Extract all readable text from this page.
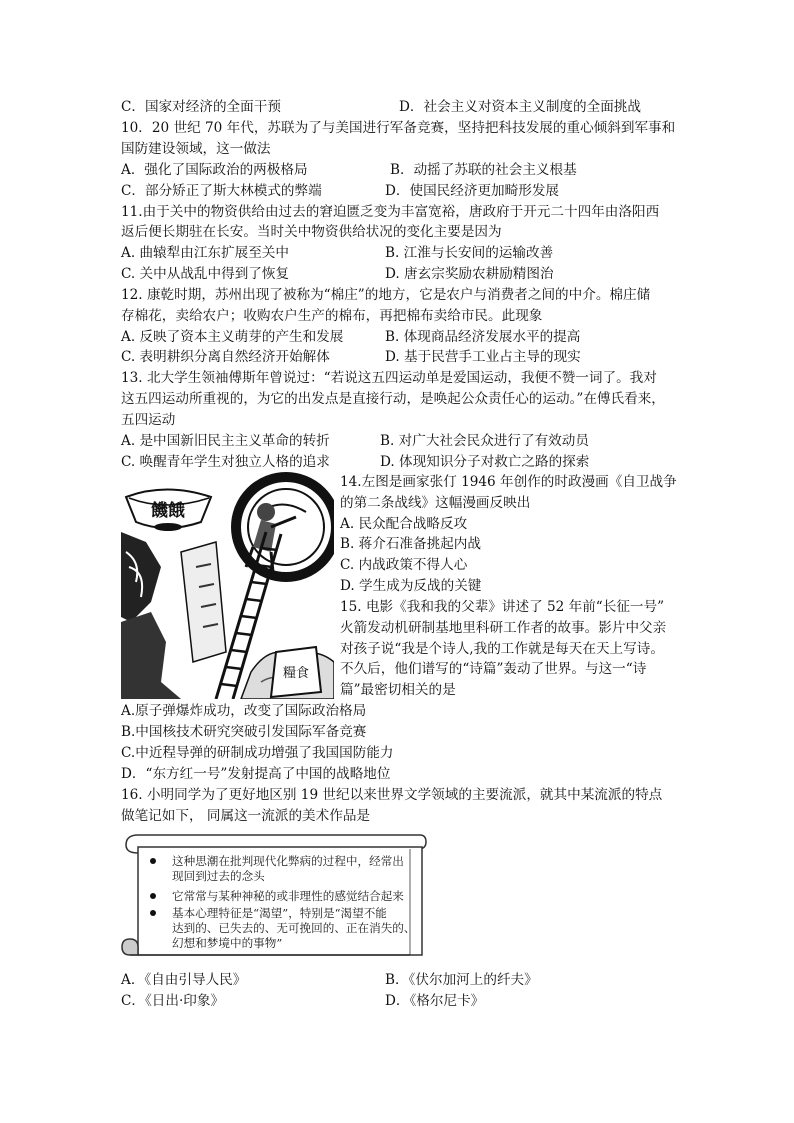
C．国家对经济的全面干预	D．社会主义对资本主义制度的全面挑战
10．20 世纪 70 年代，苏联为了与美国进行军备竞赛，坚持把科技发展的重心倾斜到军事和
国防建设领域，这一做法
A．强化了国际政治的两极格局	B．动摇了苏联的社会主义根基
C．部分矫正了斯大林模式的弊端	D．使国民经济更加畸形发展
11.由于关中的物资供给由过去的窘迫匮乏变为丰富宽裕，唐政府于开元二十四年由洛阳西
返后便长期驻在长安。当时关中物资供给状况的变化主要是因为
A. 曲辕犁由江东扩展至关中	B. 江淮与长安间的运输改善
C. 关中从战乱中得到了恢复	D. 唐玄宗奖励农耕励精图治
12. 康乾时期，苏州出现了被称为“棉庄”的地方，它是农户与消费者之间的中介。棉庄储
存棉花，卖给农户；收购农户生产的棉布，再把棉布卖给市民。此现象
A. 反映了资本主义萌芽的产生和发展	B. 体现商品经济发展水平的提高
C. 表明耕织分离自然经济开始解体	D. 基于民营手工业占主导的现实
13. 北大学生领袖傅斯年曾说过：“若说这五四运动单是爱国运动，我便不赞一词了。我对
这五四运动所重视的，为它的出发点是直接行动，是唤起公众责任心的运动。”在傅氏看来，
五四运动
A. 是中国新旧民主主义革命的转折	B. 对广大社会民众进行了有效动员
C. 唤醒青年学生对独立人格的追求	D. 体现知识分子对救亡之路的探索
饑餓
糧食
14.左图是画家张仃 1946 年创作的时政漫画《自卫战争
的第二条战线》这幅漫画反映出
A. 民众配合战略反攻
B. 蒋介石准备挑起内战
C. 内战政策不得人心
D. 学生成为反战的关键
15. 电影《我和我的父辈》讲述了 52 年前“长征一号”
火箭发动机研制基地里科研工作者的故事。影片中父亲
对孩子说“我是个诗人,我的工作就是每天在天上写诗。
不久后，他们谱写的“诗篇”轰动了世界。与这一“诗
篇”最密切相关的是
A.原子弹爆炸成功，改变了国际政治格局
B.中国核技术研究突破引发国际军备竞赛
C.中近程导弹的研制成功增强了我国国防能力
D．“东方红一号”发射提高了中国的战略地位
16. 小明同学为了更好地区别 19 世纪以来世界文学领域的主要流派，就其中某流派的特点
做笔记如下， 同属这一流派的美术作品是
这种思潮在批判现代化弊病的过程中，经常出
现回到过去的念头
它常常与某种神秘的或非理性的感觉结合起来
基本心理特征是“渴望”，特别是“渴望不能
达到的、已失去的、无可挽回的、正在消失的、
幻想和梦境中的事物”
A．《自由引导人民》	B．《伏尔加河上的纤夫》
C．《日出·印象》	D．《格尔尼卡》
